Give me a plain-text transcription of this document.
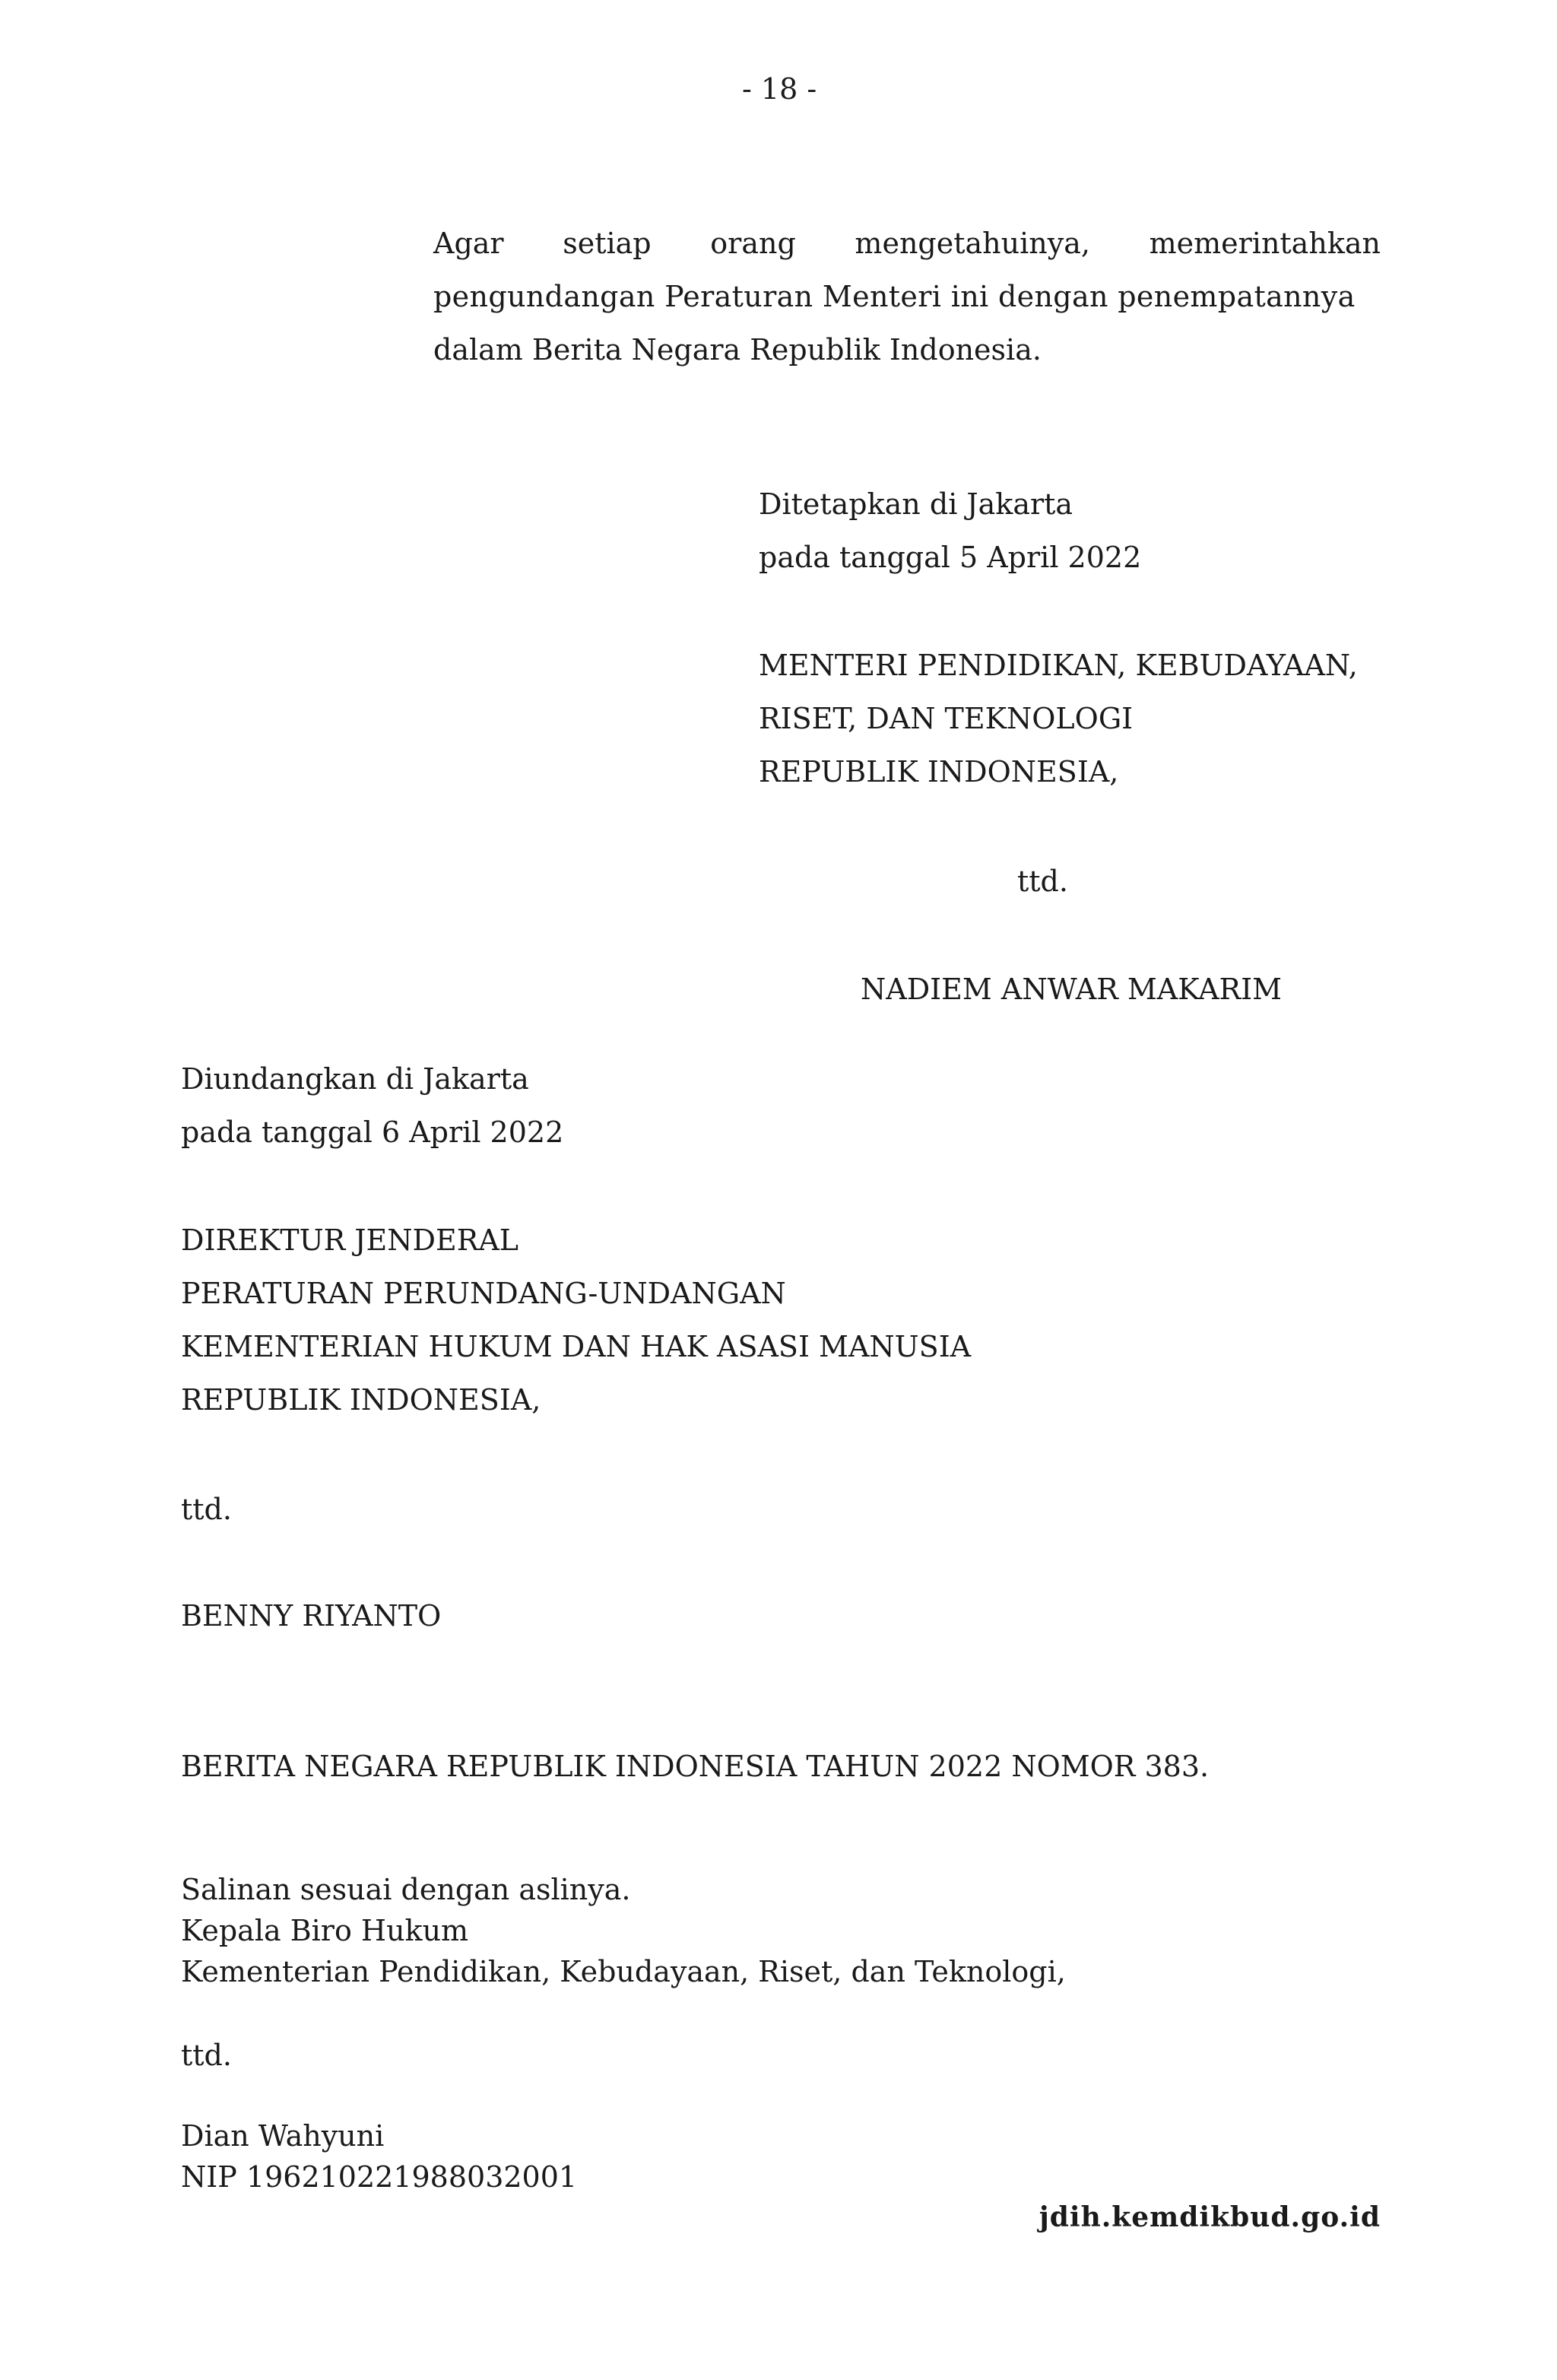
- 18 -

Agar setiap orang mengetahuinya, memerintahkan
pengundangan Peraturan Menteri ini dengan penempatannya
dalam Berita Negara Republik Indonesia.

Ditetapkan di Jakarta

pada tanggal 5 April 2022

MENTERI PENDIDIKAN, KEBUDAYAAN,

RISET, DAN TEKNOLOGI

REPUBLIK INDONESIA,

ttd.

NADIEM ANWAR MAKARIM

Diundangkan di Jakarta

pada tanggal 6 April 2022

DIREKTUR JENDERAL

PERATURAN PERUNDANG-UNDANGAN

KEMENTERIAN HUKUM DAN HAK ASASI MANUSIA

REPUBLIK INDONESIA,

ttd.

BENNY RIYANTO

BERITA NEGARA REPUBLIK INDONESIA TAHUN 2022 NOMOR 383.

Salinan sesuai dengan aslinya.

Kepala Biro Hukum

Kementerian Pendidikan, Kebudayaan, Riset, dan Teknologi,

ttd.

Dian Wahyuni

NIP 196210221988032001

jdih.kemdikbud.go.id
